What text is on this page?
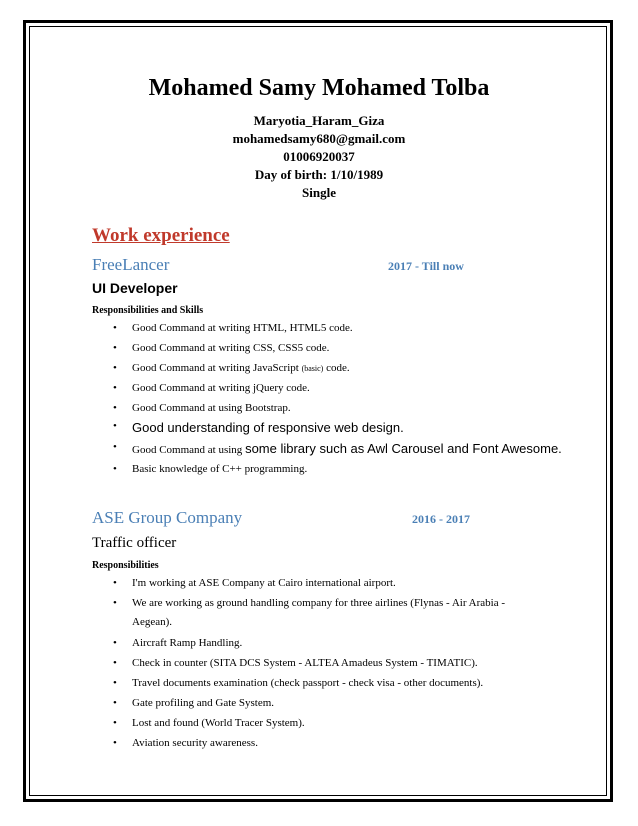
Mohamed Samy Mohamed Tolba
Maryotia_Haram_Giza
mohamedsamy680@gmail.com
01006920037
Day of birth: 1/10/1989
Single
Work experience
FreeLancer	2017 - Till now
UI Developer
Responsibilities and Skills
• Good Command at writing HTML, HTML5 code.
• Good Command at writing CSS, CSS5 code.
• Good Command at writing JavaScript (basic) code.
• Good Command at writing jQuery code.
• Good Command at using Bootstrap.
• Good understanding of responsive web design.
• Good Command at using some library such as Awl Carousel and Font Awesome.
• Basic knowledge of C++ programming.
ASE Group Company	2016 - 2017
Traffic officer
Responsibilities
• I'm working at ASE Company at Cairo international airport.
• We are working as ground handling company for three airlines (Flynas - Air Arabia -
Aegean).
• Aircraft Ramp Handling.
• Check in counter (SITA DCS System - ALTEA Amadeus System - TIMATIC).
• Travel documents examination (check passport - check visa - other documents).
• Gate profiling and Gate System.
• Lost and found (World Tracer System).
• Aviation security awareness.
